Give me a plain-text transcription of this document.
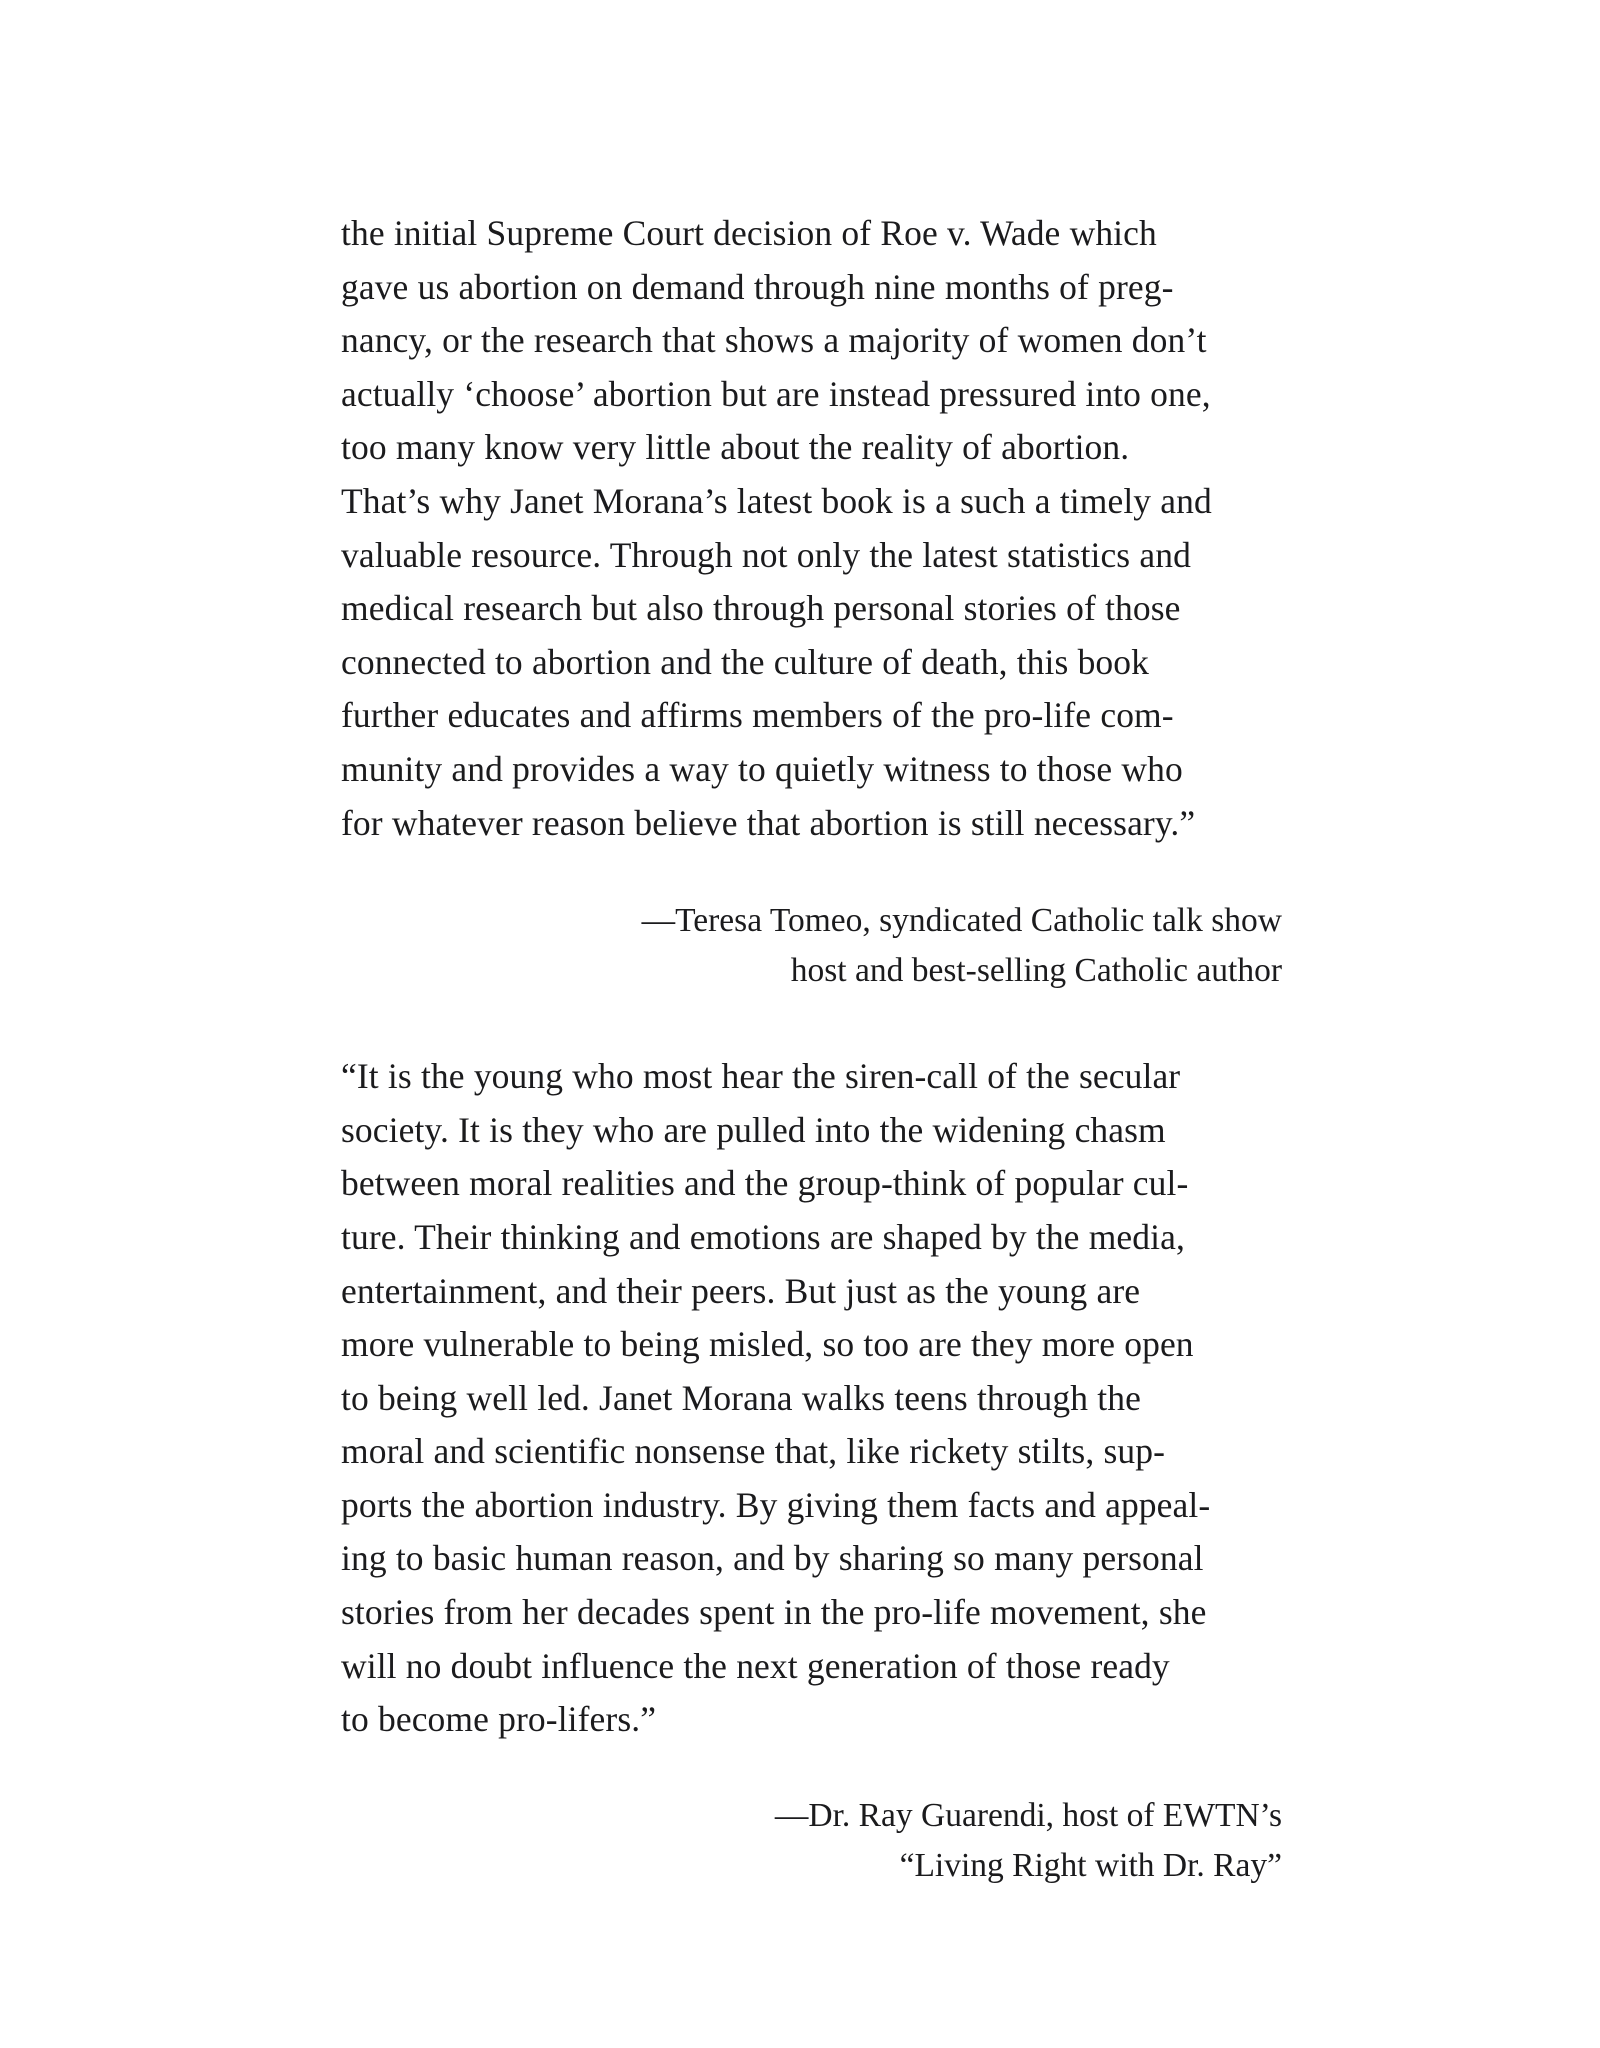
the initial Supreme Court decision of Roe v. Wade which
gave us abortion on demand through nine months of preg-
nancy, or the research that shows a majority of women don’t
actually ‘choose’ abortion but are instead pressured into one,
too many know very little about the reality of abortion.
That’s why Janet Morana’s latest book is a such a timely and
valuable resource. Through not only the latest statistics and
medical research but also through personal stories of those
connected to abortion and the culture of death, this book
further educates and affirms members of the pro-life com-
munity and provides a way to quietly witness to those who
for whatever reason believe that abortion is still necessary.”
—Teresa Tomeo, syndicated Catholic talk show
host and best-selling Catholic author
“It is the young who most hear the siren-call of the secular
society. It is they who are pulled into the widening chasm
between moral realities and the group-think of popular cul-
ture. Their thinking and emotions are shaped by the media,
entertainment, and their peers. But just as the young are
more vulnerable to being misled, so too are they more open
to being well led. Janet Morana walks teens through the
moral and scientific nonsense that, like rickety stilts, sup-
ports the abortion industry. By giving them facts and appeal-
ing to basic human reason, and by sharing so many personal
stories from her decades spent in the pro-life movement, she
will no doubt influence the next generation of those ready
to become pro-lifers.”
—Dr. Ray Guarendi, host of EWTN’s
“Living Right with Dr. Ray”
